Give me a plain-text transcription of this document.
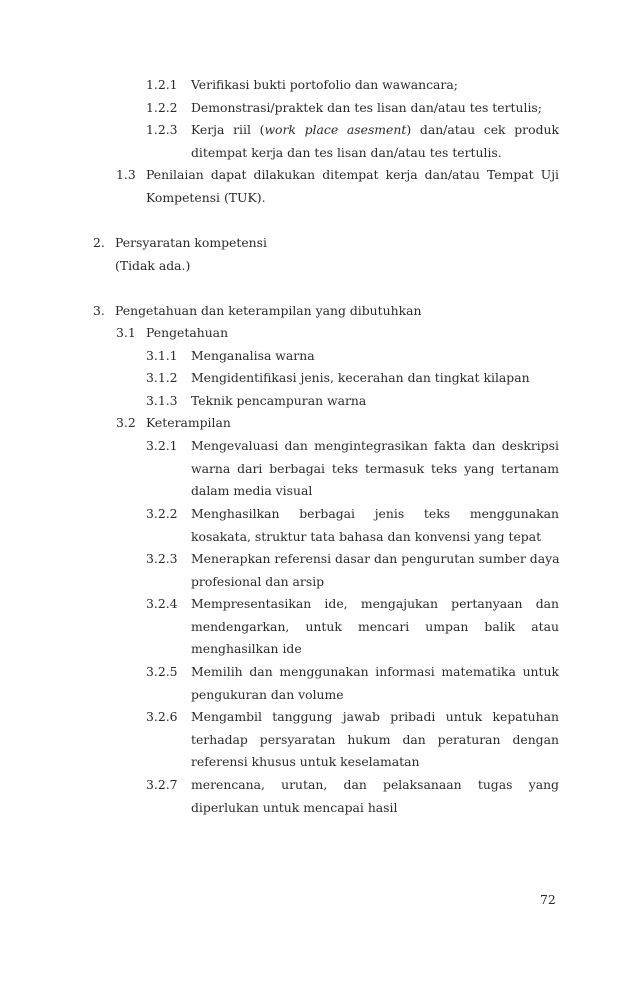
1.2.1 Verifikasi bukti portofolio dan wawancara;
1.2.2 Demonstrasi/praktek dan tes lisan dan/atau tes tertulis;
1.2.3 Kerja riil (work place asesment) dan/atau cek produk
ditempat kerja dan tes lisan dan/atau tes tertulis.
1.3 Penilaian dapat dilakukan ditempat kerja dan/atau Tempat Uji
Kompetensi (TUK).
2. Persyaratan kompetensi
(Tidak ada.)
3. Pengetahuan dan keterampilan yang dibutuhkan
3.1 Pengetahuan
3.1.1 Menganalisa warna
3.1.2 Mengidentifikasi jenis, kecerahan dan tingkat kilapan
3.1.3 Teknik pencampuran warna
3.2 Keterampilan
3.2.1 Mengevaluasi dan mengintegrasikan fakta dan deskripsi
warna dari berbagai teks termasuk teks yang tertanam
dalam media visual
3.2.2 Menghasilkan berbagai jenis teks menggunakan
kosakata, struktur tata bahasa dan konvensi yang tepat
3.2.3 Menerapkan referensi dasar dan pengurutan sumber daya
profesional dan arsip
3.2.4 Mempresentasikan ide, mengajukan pertanyaan dan
mendengarkan, untuk mencari umpan balik atau
menghasilkan ide
3.2.5 Memilih dan menggunakan informasi matematika untuk
pengukuran dan volume
3.2.6 Mengambil tanggung jawab pribadi untuk kepatuhan
terhadap persyaratan hukum dan peraturan dengan
referensi khusus untuk keselamatan
3.2.7 merencana, urutan, dan pelaksanaan tugas yang
diperlukan untuk mencapai hasil
72
